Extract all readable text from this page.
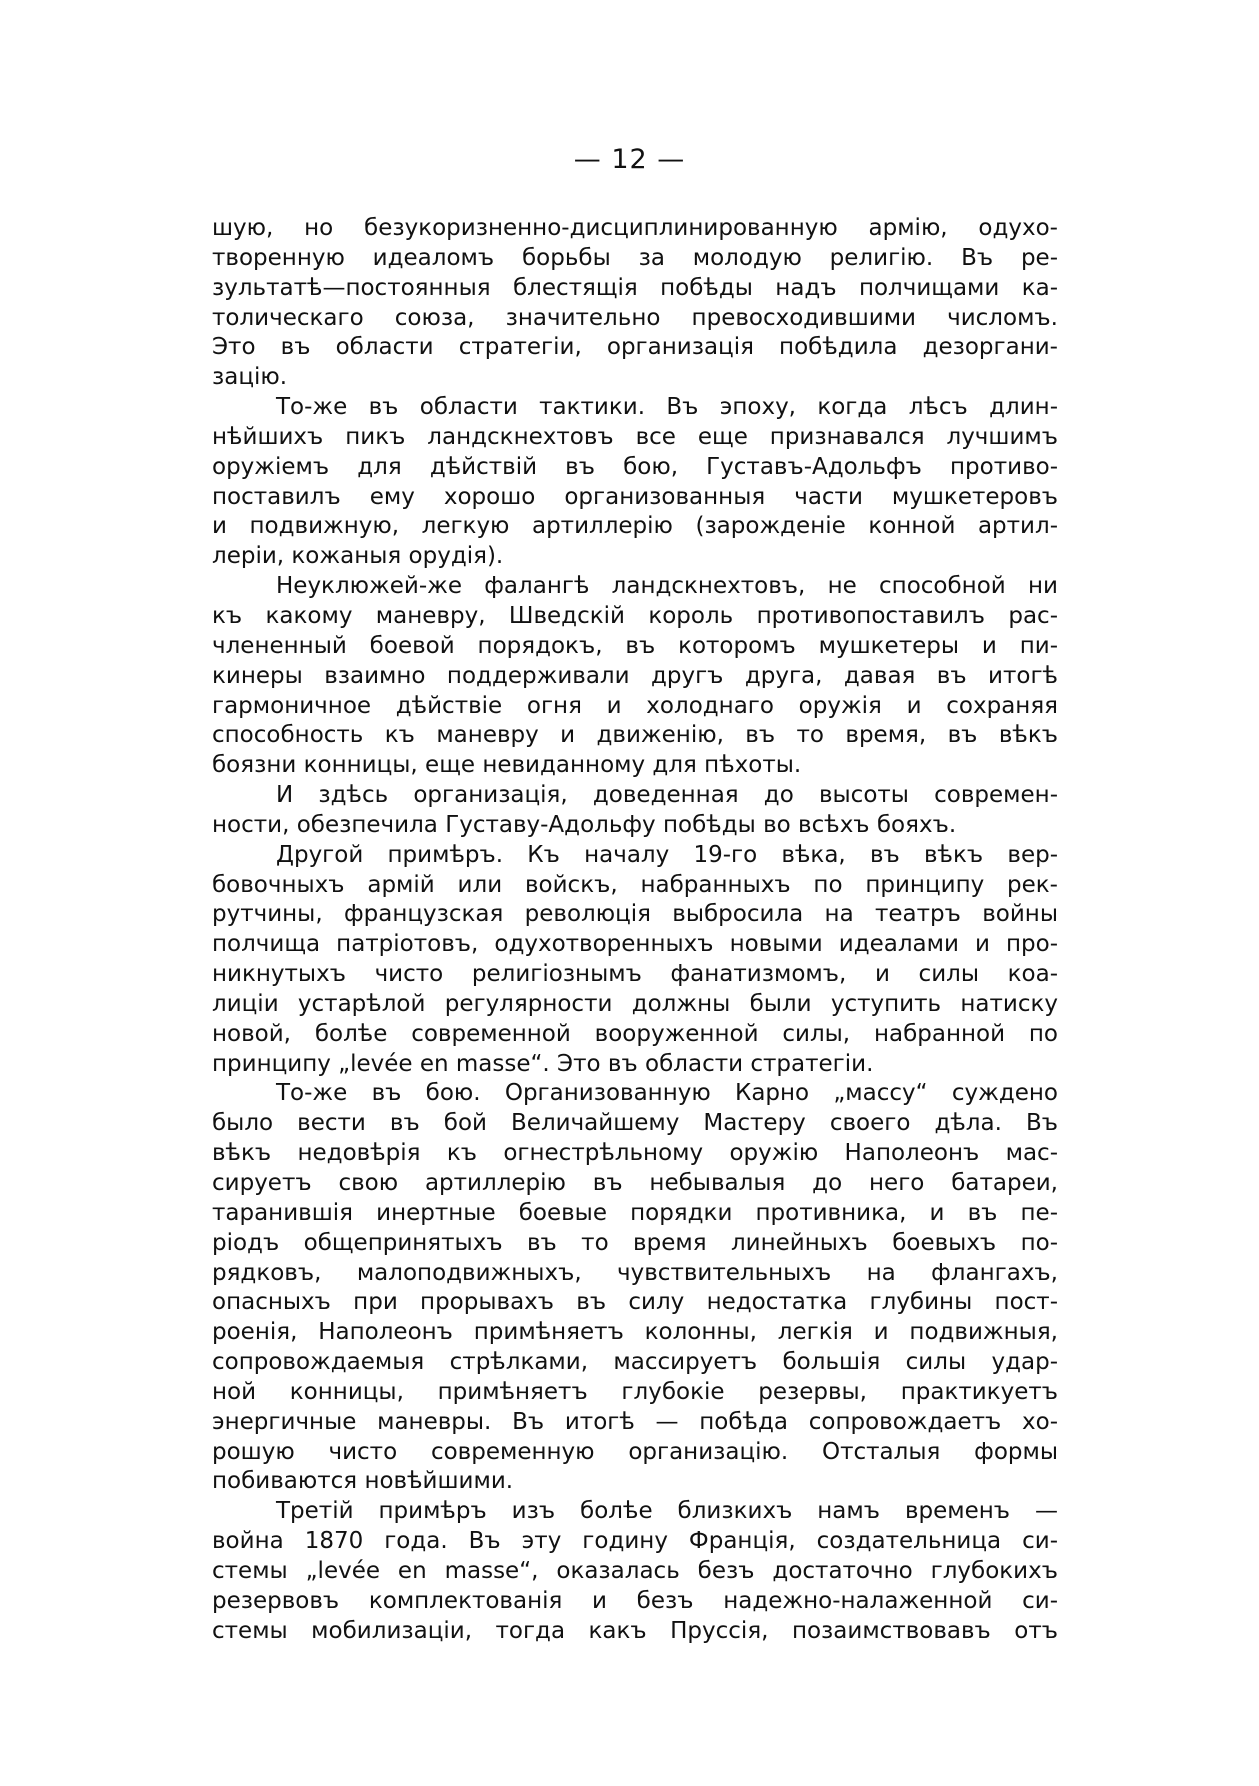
— 12 —
шую, но безукоризненно-дисциплинированную армію, одухо-
творенную идеаломъ борьбы за молодую религію. Въ ре-
зультатѣ—постоянныя блестящія побѣды надъ полчищами ка-
толическаго союза, значительно превосходившими числомъ.
Это въ области стратегіи, организація побѣдила дезоргани-
зацію.
То-же въ области тактики. Въ эпоху, когда лѣсъ длин-
нѣйшихъ пикъ ландскнехтовъ все еще признавался лучшимъ
оружіемъ для дѣйствій въ бою, Густавъ-Адольфъ противо-
поставилъ ему хорошо организованныя части мушкетеровъ
и подвижную, легкую артиллерію (зарожденіе конной артил-
леріи, кожаныя орудія).
Неуклюжей-же фалангѣ ландскнехтовъ, не способной ни
къ какому маневру, Шведскій король противопоставилъ рас-
члененный боевой порядокъ, въ которомъ мушкетеры и пи-
кинеры взаимно поддерживали другъ друга, давая въ итогѣ
гармоничное дѣйствіе огня и холоднаго оружія и сохраняя
способность къ маневру и движенію, въ то время, въ вѣкъ
боязни конницы, еще невиданному для пѣхоты.
И здѣсь организація, доведенная до высоты современ-
ности, обезпечила Густаву-Адольфу побѣды во всѣхъ бояхъ.
Другой примѣръ. Къ началу 19-го вѣка, въ вѣкъ вер-
бовочныхъ армій или войскъ, набранныхъ по принципу рек-
рутчины, французская революція выбросила на театръ войны
полчища патріотовъ, одухотворенныхъ новыми идеалами и про-
никнутыхъ чисто религіознымъ фанатизмомъ, и силы коа-
лиціи устарѣлой регулярности должны были уступить натиску
новой, болѣе современной вооруженной силы, набранной по
принципу „levée en masse“. Это въ области стратегіи.
То-же въ бою. Организованную Карно „массу“ суждено
было вести въ бой Величайшему Мастеру своего дѣла. Въ
вѣкъ недовѣрія къ огнестрѣльному оружію Наполеонъ мас-
сируетъ свою артиллерію въ небывалыя до него батареи,
таранившія инертные боевые порядки противника, и въ пе-
ріодъ общепринятыхъ въ то время линейныхъ боевыхъ по-
рядковъ, малоподвижныхъ, чувствительныхъ на флангахъ,
опасныхъ при прорывахъ въ силу недостатка глубины пост-
роенія, Наполеонъ примѣняетъ колонны, легкія и подвижныя,
сопровождаемыя стрѣлками, массируетъ большія силы удар-
ной конницы, примѣняетъ глубокіе резервы, практикуетъ
энергичные маневры. Въ итогѣ — побѣда сопровождаетъ хо-
рошую чисто современную организацію. Отсталыя формы
побиваются новѣйшими.
Третій примѣръ изъ болѣе близкихъ намъ временъ —
война 1870 года. Въ эту годину Франція, создательница си-
стемы „levée en masse“, оказалась безъ достаточно глубокихъ
резервовъ комплектованія и безъ надежно-налаженной си-
стемы мобилизаціи, тогда какъ Пруссія, позаимствовавъ отъ
